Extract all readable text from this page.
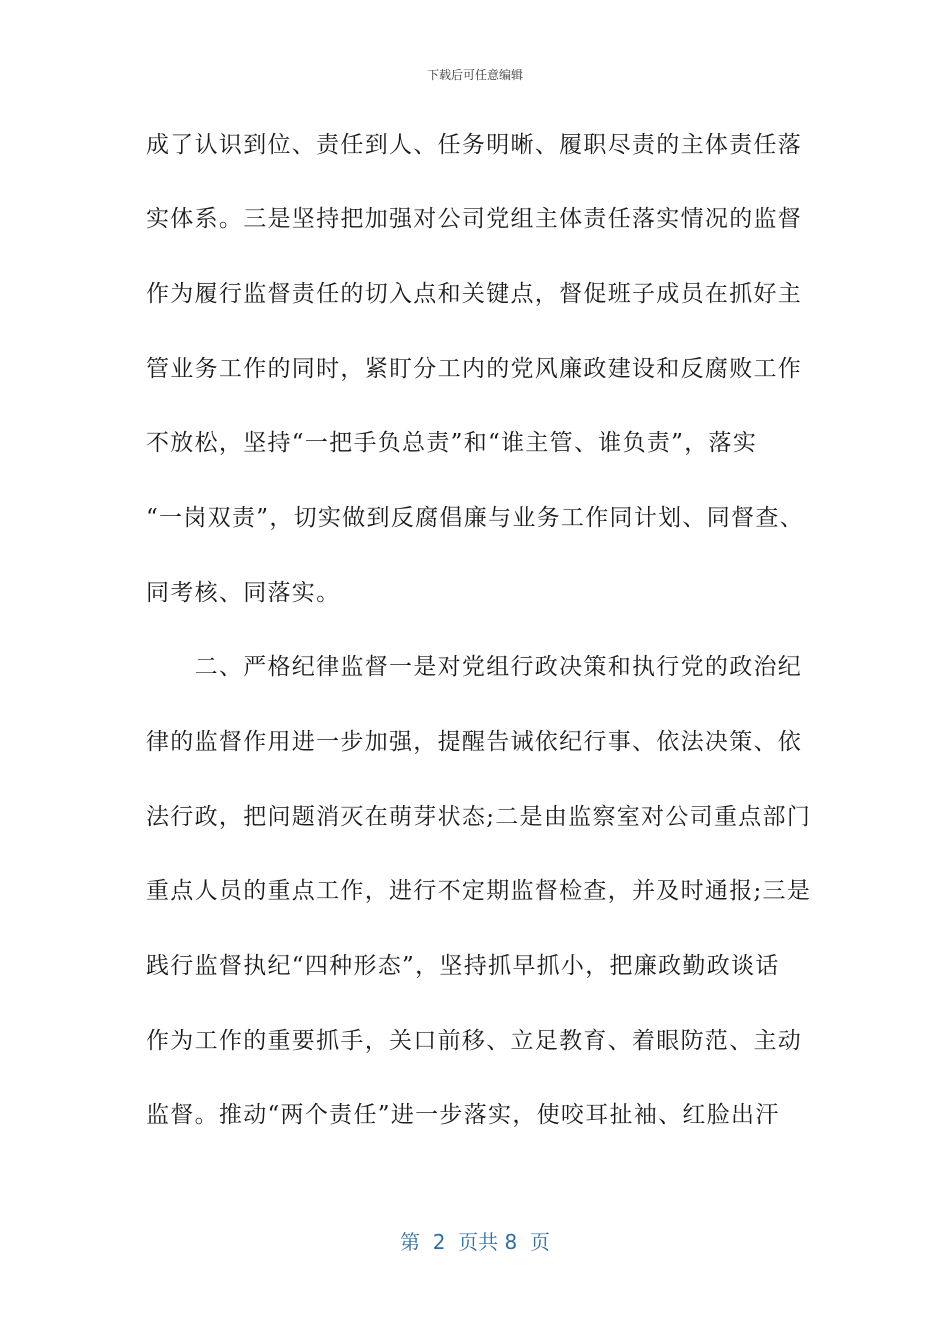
下载后可任意编辑
成了认识到位、责任到人、任务明晰、履职尽责的主体责任落
实体系。三是坚持把加强对公司党组主体责任落实情况的监督
作为履行监督责任的切入点和关键点，督促班子成员在抓好主
管业务工作的同时，紧盯分工内的党风廉政建设和反腐败工作
不放松，坚持“一把手负总责”和“谁主管、谁负责”，落实
“一岗双责”，切实做到反腐倡廉与业务工作同计划、同督查、
同考核、同落实。
　　二、严格纪律监督一是对党组行政决策和执行党的政治纪
律的监督作用进一步加强，提醒告诫依纪行事、依法决策、依
法行政，把问题消灭在萌芽状态;二是由监察室对公司重点部门
重点人员的重点工作，进行不定期监督检查，并及时通报;三是
践行监督执纪“四种形态”，坚持抓早抓小，把廉政勤政谈话
作为工作的重要抓手，关口前移、立足教育、着眼防范、主动
监督。推动“两个责任”进一步落实，使咬耳扯袖、红脸出汗
第  2  页共 8  页
